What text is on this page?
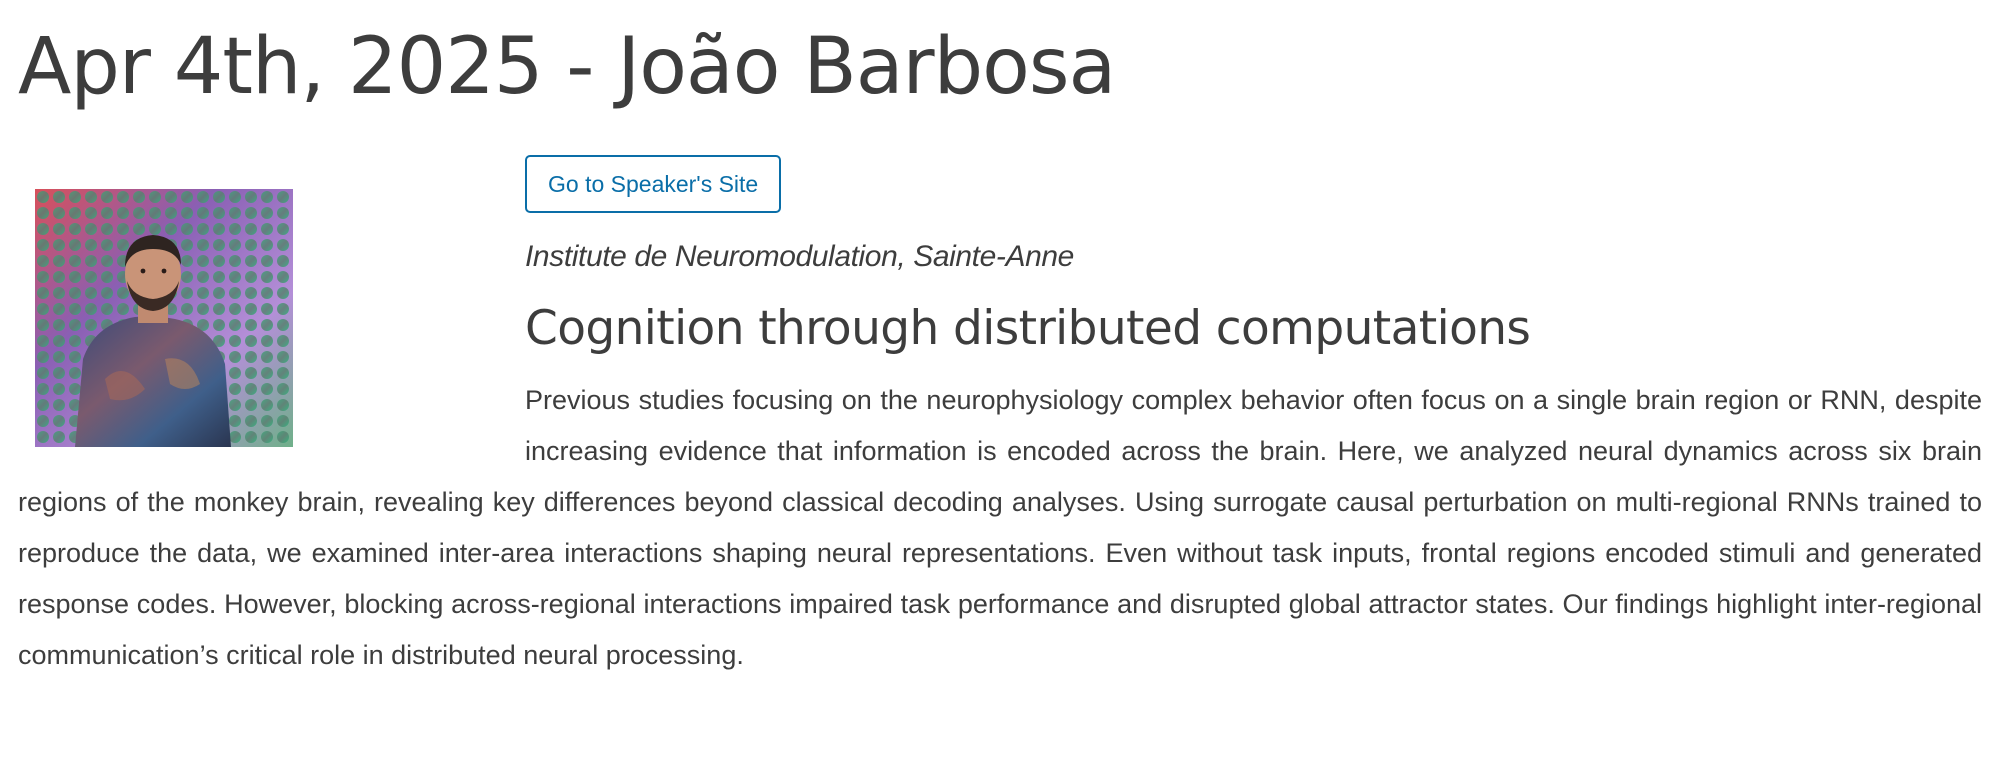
Apr 4th, 2025 - João Barbosa
Go to Speaker's Site

Institute de Neuromodulation, Sainte-Anne

Cognition through distributed computations

Previous studies focusing on the neurophysiology complex behavior often focus on a single brain region or RNN, despite increasing evidence that information is encoded across the brain. Here, we analyzed neural dynamics across six brain regions of the monkey brain, revealing key differences beyond classical decoding analyses. Using surrogate causal perturbation on multi-regional RNNs trained to reproduce the data, we examined inter-area interactions shaping neural representations. Even without task inputs, frontal regions encoded stimuli and generated response codes. However, blocking across-regional interactions impaired task performance and disrupted global attractor states. Our findings highlight inter-regional communication’s critical role in distributed neural processing.
